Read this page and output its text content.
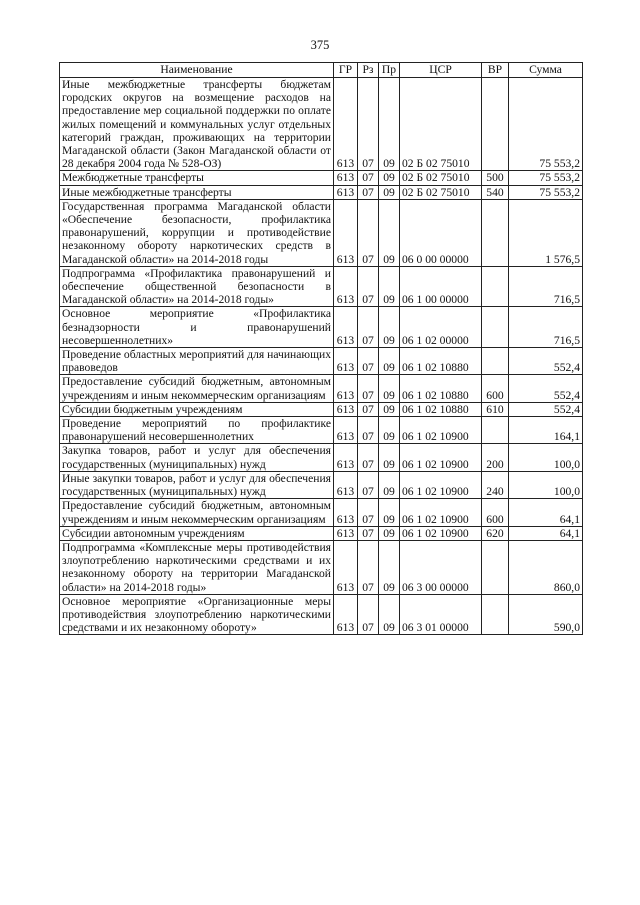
375
Наименование	ГР	Рз	Пр	ЦСР	ВР	Сумма
Иные межбюджетные трансферты бюджетам городских округов на возмещение расходов на предоставление мер социальной поддержки по оплате жилых помещений и коммунальных услуг отдельных категорий граждан, проживающих на территории Магаданской области (Закон Магаданской области от 28 декабря 2004 года № 528-ОЗ)	613	07	09	02 Б 02 75010		75 553,2
Межбюджетные трансферты	613	07	09	02 Б 02 75010	500	75 553,2
Иные межбюджетные трансферты	613	07	09	02 Б 02 75010	540	75 553,2
Государственная программа Магаданской области «Обеспечение безопасности, профилактика правонарушений, коррупции и противодействие незаконному обороту наркотических средств в Магаданской области» на 2014-2018 годы	613	07	09	06 0 00 00000		1 576,5
Подпрограмма «Профилактика правонарушений и обеспечение общественной безопасности в Магаданской области» на 2014-2018 годы»	613	07	09	06 1 00 00000		716,5
Основное мероприятие «Профилактика безнадзорности и правонарушений несовершеннолетних»	613	07	09	06 1 02 00000		716,5
Проведение областных мероприятий для начинающих правоведов	613	07	09	06 1 02 10880		552,4
Предоставление субсидий бюджетным, автономным учреждениям и иным некоммерческим организациям	613	07	09	06 1 02 10880	600	552,4
Субсидии бюджетным учреждениям	613	07	09	06 1 02 10880	610	552,4
Проведение мероприятий по профилактике правонарушений несовершеннолетних	613	07	09	06 1 02 10900		164,1
Закупка товаров, работ и услуг для обеспечения государственных (муниципальных) нужд	613	07	09	06 1 02 10900	200	100,0
Иные закупки товаров, работ и услуг для обеспечения государственных (муниципальных) нужд	613	07	09	06 1 02 10900	240	100,0
Предоставление субсидий бюджетным, автономным учреждениям и иным некоммерческим организациям	613	07	09	06 1 02 10900	600	64,1
Субсидии автономным учреждениям	613	07	09	06 1 02 10900	620	64,1
Подпрограмма «Комплексные меры противодействия злоупотреблению наркотическими средствами и их незаконному обороту на территории Магаданской области» на 2014-2018 годы»	613	07	09	06 3 00 00000		860,0
Основное мероприятие «Организационные меры противодействия злоупотреблению наркотическими средствами и их незаконному обороту»	613	07	09	06 3 01 00000		590,0
